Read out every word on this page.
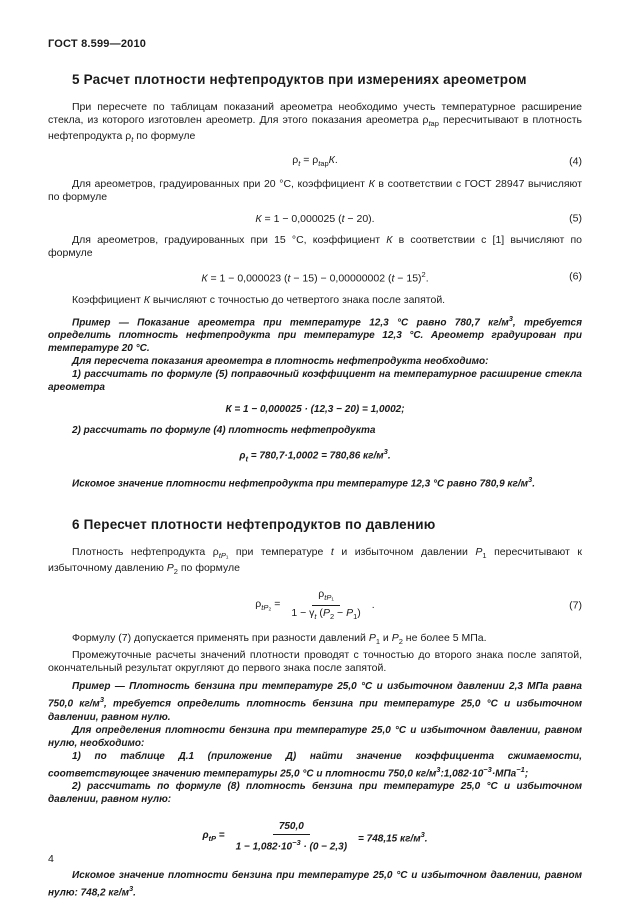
ГОСТ 8.599—2010
5 Расчет плотности нефтепродуктов при измерениях ареометром

При пересчете по таблицам показаний ареометра необходимо учесть температурное расширение стекла, из которого изготовлен ареометр. Для этого показания ареометра $\rho_{tар}$ пересчитывают в плотность нефтепродукта $\rho_t$ по формуле

$\rho_t = \rho_{tар}К$.	(4)

Для ареометров, градуированных при 20 °С, коэффициент К в соответствии с ГОСТ 28947 вычисляют по формуле

К = 1 − 0,000025 (t − 20).	(5)

Для ареометров, градуированных при 15 °С, коэффициент К в соответствии с [1] вычисляют по формуле

К = 1 − 0,000023 (t − 15) − 0,00000002 $(t - 15)^2$.	(6)

Коэффициент К вычисляют с точностью до четвертого знака после запятой.

Пример — Показание ареометра при температуре 12,3 °С равно 780,7 $кг/м^3$, требуется определить плотность нефтепродукта при температуре 12,3 °С. Ареометр градуирован при температуре 20 °С.

Для пересчета показания ареометра в плотность нефтепродукта необходимо:

1) рассчитать по формуле (5) поправочный коэффициент на температурное расширение стекла ареометра

К = 1 − 0,000025 · (12,3 − 20) = 1,0002;

2) рассчитать по формуле (4) плотность нефтепродукта

$\rho_t = 780,7\cdot 1,0002 = 780,86$ $кг/м^3$.

Искомое значение плотности нефтепродукта при температуре 12,3 °С равно 780,9 $кг/м^3$.

6 Пересчет плотности нефтепродуктов по давлению

Плотность нефтепродукта $\rho_{tP_1}$ при температуре t и избыточном давлении $P_1$ пересчитывают к избыточному давлению $P_2$ по формуле

$\rho_{tP_2} = \frac{\rho_{tP_1}}{1 - \gamma_t (P_2 - P_1)}$ .	(7)

Формулу (7) допускается применять при разности давлений $P_1$ и $P_2$ не более 5 МПа.

Промежуточные расчеты значений плотности проводят с точностью до второго знака после запятой, окончательный результат округляют до первого знака после запятой.

Пример — Плотность бензина при температуре 25,0 °С и избыточном давлении 2,3 МПа равна 750,0 $кг/м^3$, требуется определить плотность бензина при температуре 25,0 °С и избыточном давлении, равном нулю.

Для определения плотности бензина при температуре 25,0 °С и избыточном давлении, равном нулю, необходимо:

1) по таблице Д.1 (приложение Д) найти значение коэффициента сжимаемости, соответствующее значению температуры 25,0 °С и плотности 750,0 $кг/м^3:1,082\cdot 10^{-3}\cdot МПа^{-1}$;

2) рассчитать по формуле (8) плотность бензина при температуре 25,0 °С и избыточном давлении, равном нулю:

$\rho_{tP} = \frac{750,0}{1 - 1,082\cdot 10^{-3} \cdot (0 - 2,3)} = 748,15$ $кг/м^3$.

Искомое значение плотности бензина при температуре 25,0 °С и избыточном давлении, равном нулю: 748,2 $кг/м^3$.

4
